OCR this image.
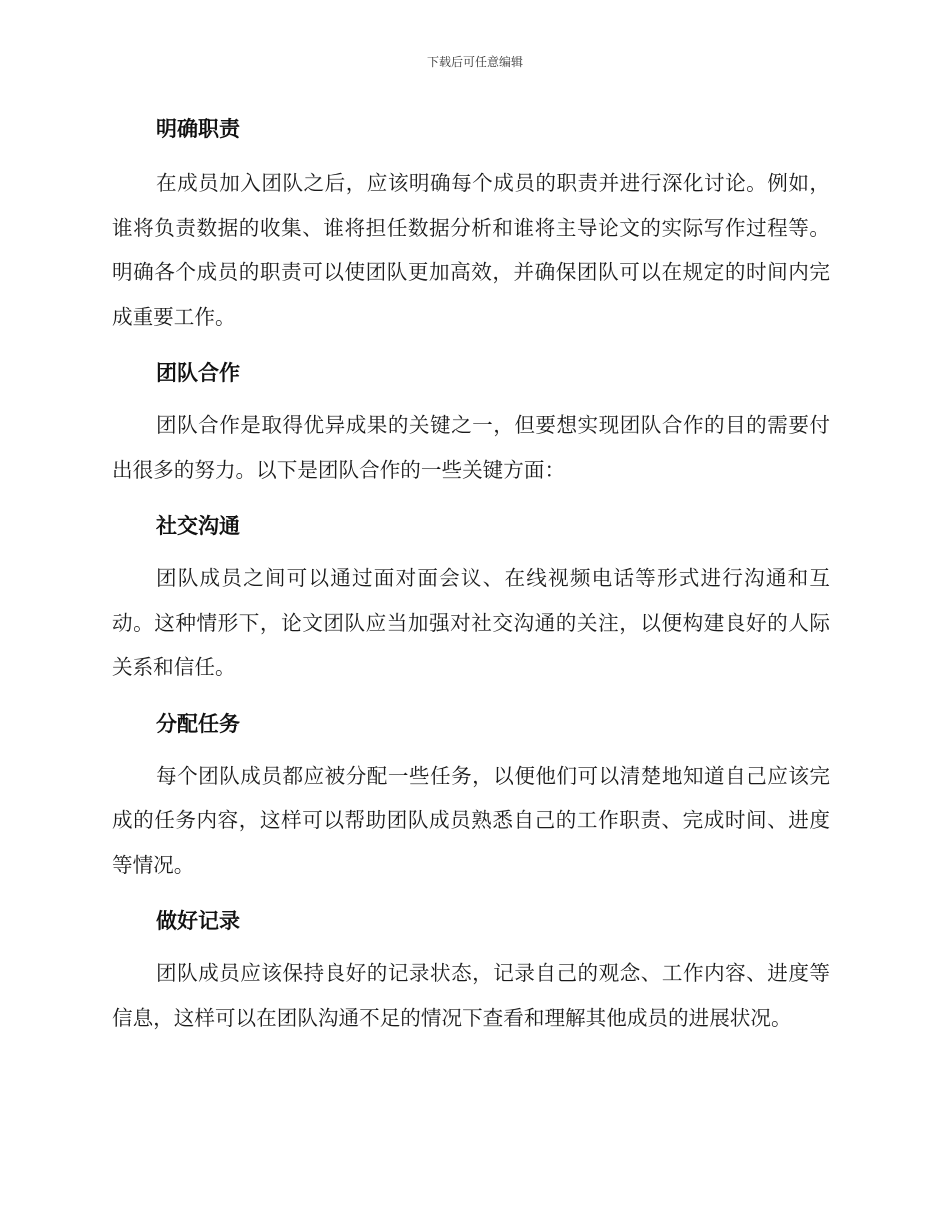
下载后可任意编辑
明确职责

在成员加入团队之后，应该明确每个成员的职责并进行深化讨论。例如，谁将负责数据的收集、谁将担任数据分析和谁将主导论文的实际写作过程等。明确各个成员的职责可以使团队更加高效，并确保团队可以在规定的时间内完成重要工作。

团队合作

团队合作是取得优异成果的关键之一，但要想实现团队合作的目的需要付出很多的努力。以下是团队合作的一些关键方面：

社交沟通

团队成员之间可以通过面对面会议、在线视频电话等形式进行沟通和互动。这种情形下，论文团队应当加强对社交沟通的关注，以便构建良好的人际关系和信任。

分配任务

每个团队成员都应被分配一些任务，以便他们可以清楚地知道自己应该完成的任务内容，这样可以帮助团队成员熟悉自己的工作职责、完成时间、进度等情况。

做好记录

团队成员应该保持良好的记录状态，记录自己的观念、工作内容、进度等信息，这样可以在团队沟通不足的情况下查看和理解其他成员的进展状况。
